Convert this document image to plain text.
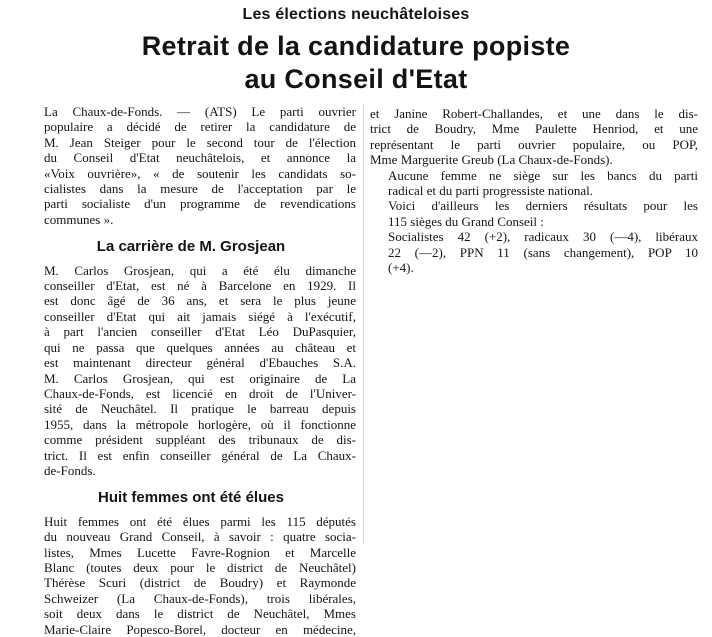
Les élections neuchâteloises
Retrait de la candidature popiste
au Conseil d'Etat

La Chaux-de-Fonds. — (ATS) Le parti ouvrier
populaire a décidé de retirer la candidature de
M. Jean Steiger pour le second tour de l'élection
du Conseil d'Etat neuchâtelois, et annonce la
«Voix ouvrière», « de soutenir les candidats so-
cialistes dans la mesure de l'acceptation par le
parti socialiste d'un programme de revendications
communes ».

La carrière de M. Grosjean

M. Carlos Grosjean, qui a été élu dimanche
conseiller d'Etat, est né à Barcelone en 1929. Il
est donc âgé de 36 ans, et sera le plus jeune
conseiller d'Etat qui ait jamais siégé à l'exécutif,
à part l'ancien conseiller d'Etat Léo DuPasquier,
qui ne passa que quelques années au château et
est maintenant directeur général d'Ebauches S.A.
M. Carlos Grosjean, qui est originaire de La
Chaux-de-Fonds, est licencié en droit de l'Univer-
sité de Neuchâtel. Il pratique le barreau depuis
1955, dans la métropole horlogère, où il fonctionne
comme président suppléant des tribunaux de dis-
trict. Il est enfin conseiller général de La Chaux-
de-Fonds.

Huit femmes ont été élues

Huit femmes ont été élues parmi les 115 députés
du nouveau Grand Conseil, à savoir : quatre socia-
listes, Mmes Lucette Favre-Rognion et Marcelle
Blanc (toutes deux pour le district de Neuchâtel)
Thérèse Scuri (district de Boudry) et Raymonde
Schweizer (La Chaux-de-Fonds), trois libérales,
soit deux dans le district de Neuchâtel, Mmes
Marie-Claire Popesco-Borel, docteur en médecine,

et Janine Robert-Challandes, et une dans le dis-
trict de Boudry, Mme Paulette Henriod, et une
représentant le parti ouvrier populaire, ou POP,
Mme Marguerite Greub (La Chaux-de-Fonds).

Aucune femme ne siège sur les bancs du parti
radical et du parti progressiste national.

Voici d'ailleurs les derniers résultats pour les
115 sièges du Grand Conseil :

Socialistes 42 (+2), radicaux 30 (—4), libéraux
22 (—2), PPN 11 (sans changement), POP 10
(+4).
